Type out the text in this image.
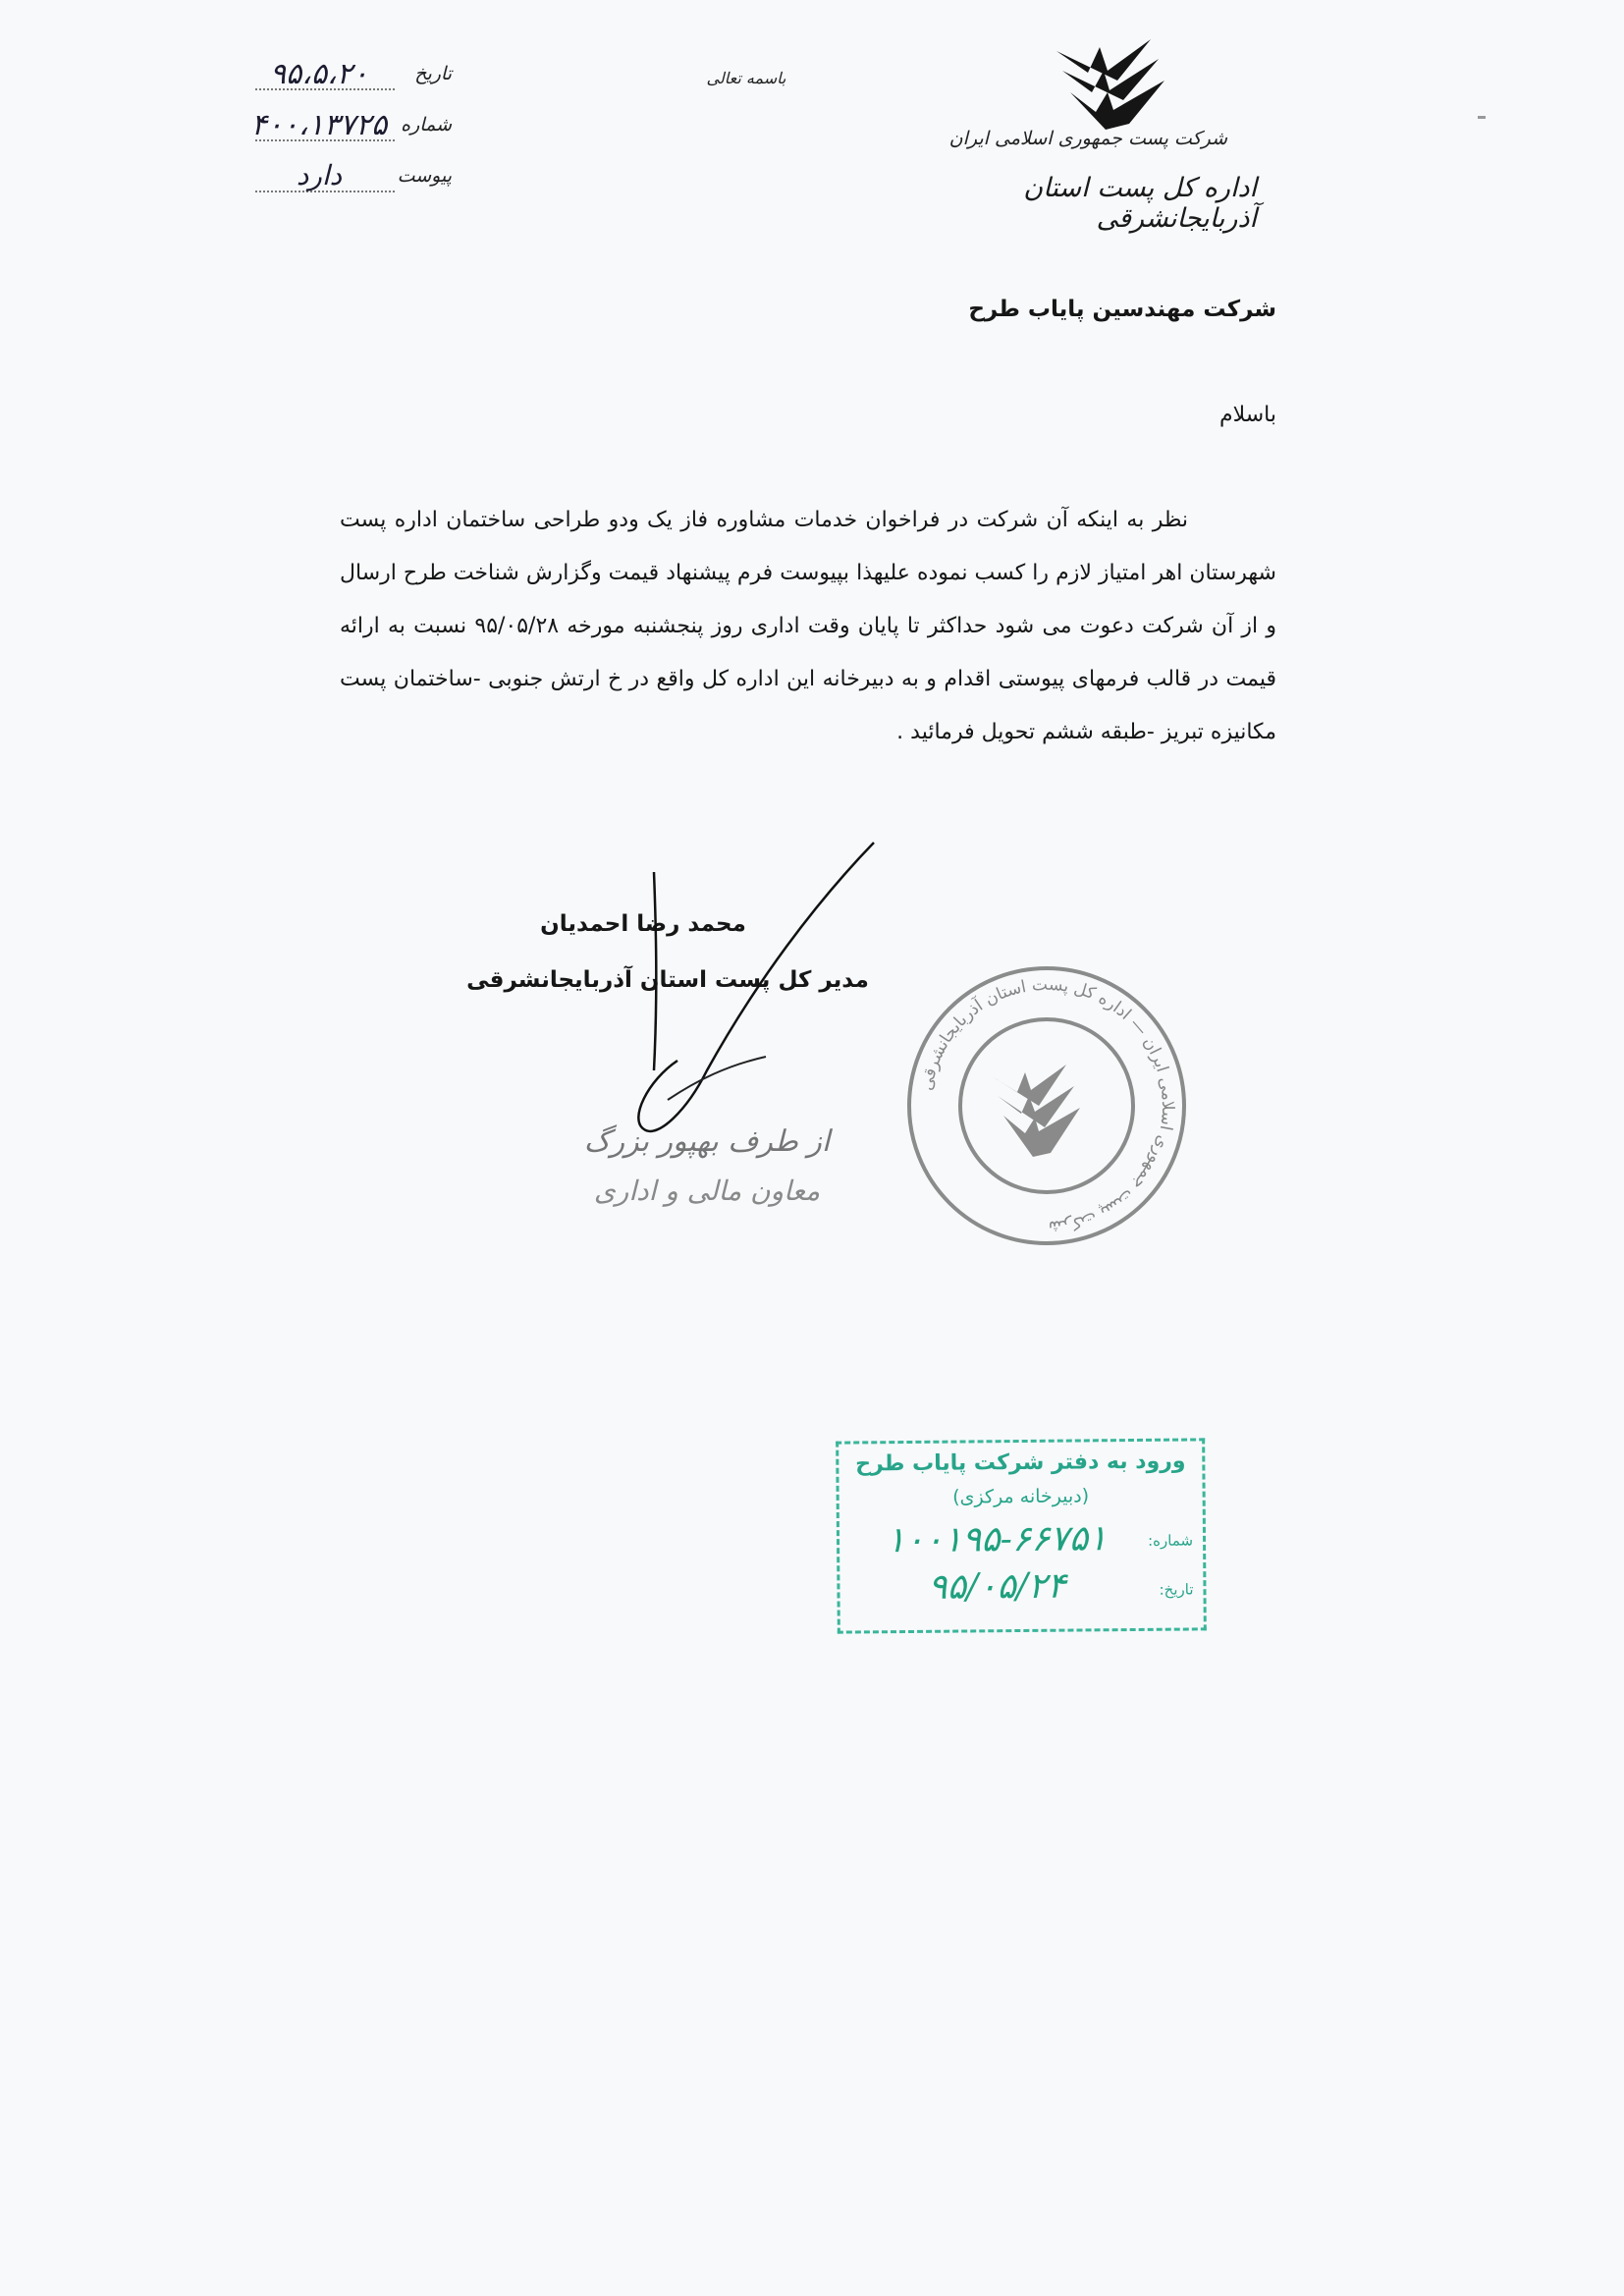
شرکت پست جمهوری اسلامی ایران
اداره کل پست استان آذربایجانشرقی
باسمه تعالی
تاریخ
۹۵،۵،۲۰
شماره
۴۰۰،۱۳۷۲۵
پیوست
دارد
شرکت مهندسین پایاب طرح
باسلام
نظر به اینکه آن شرکت در فراخوان خدمات مشاوره فاز یک ودو طراحی ساختمان اداره پست شهرستان اهر امتیاز لازم را کسب نموده علیهذا بپیوست فرم پیشنهاد قیمت وگزارش شناخت طرح ارسال و از آن شرکت دعوت می شود حداکثر تا پایان وقت اداری روز پنجشنبه مورخه ۹۵/۰۵/۲۸ نسبت به ارائه قیمت در قالب فرمهای پیوستی اقدام و به دبیرخانه این اداره کل واقع در خ ارتش جنوبی -ساختمان پست مکانیزه تبریز -طبقه ششم تحویل فرمائید .
محمد رضا احمدیان
مدیر کل پست استان آذربایجانشرقی
از طرف بهپور بزرگ
معاون مالی و اداری
شرکت پست جمهوری اسلامی ایران — اداره کل پست استان آذربایجانشرقی
ورود به دفتر شرکت پایاب طرح
(دبیرخانه مرکزی)
شماره:
۱۰۰۱۹۵-۶۶۷۵۱
تاریخ:
۹۵/۰۵/۲۴
